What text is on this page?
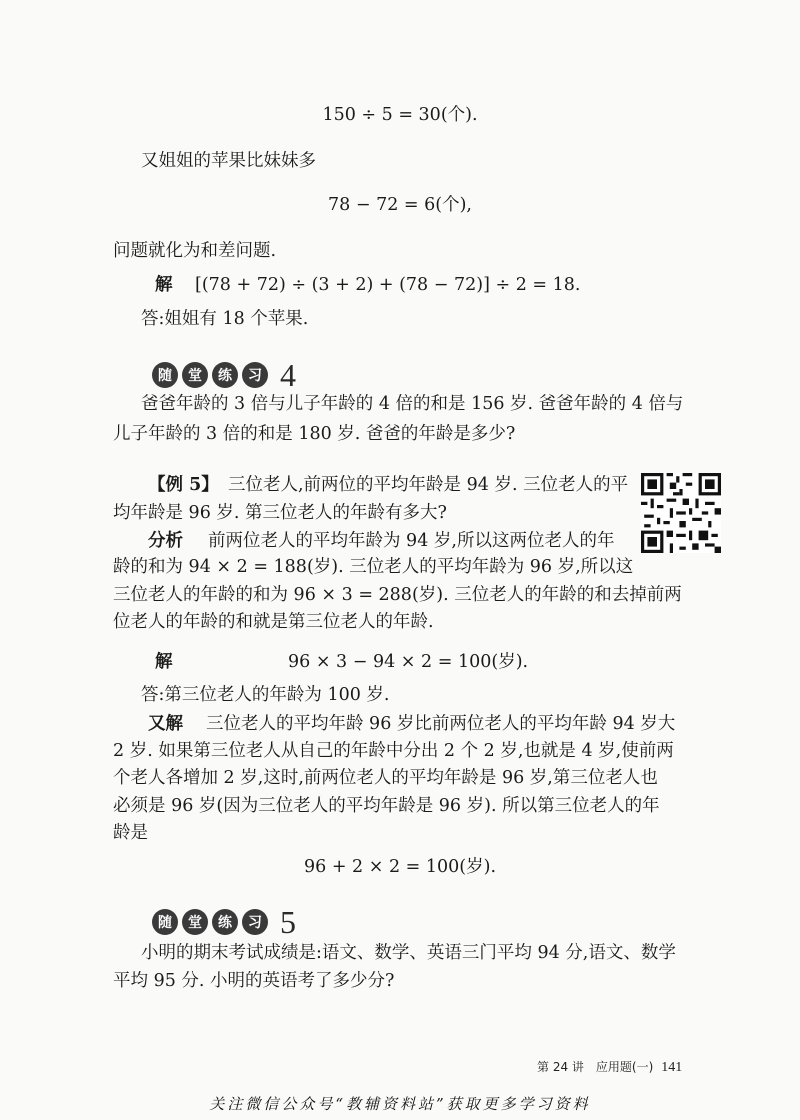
150 ÷ 5 = 30(个).
又姐姐的苹果比妹妹多
78 − 72 = 6(个),
问题就化为和差问题.
解 [(78 + 72) ÷ (3 + 2) + (78 − 72)] ÷ 2 = 18.
答:姐姐有 18 个苹果.
随	堂	练	习 4
爸爸年龄的 3 倍与儿子年龄的 4 倍的和是 156 岁. 爸爸年龄的 4 倍与
儿子年龄的 3 倍的和是 180 岁. 爸爸的年龄是多少?
【例 5】 三位老人,前两位的平均年龄是 94 岁. 三位老人的平
均年龄是 96 岁. 第三位老人的年龄有多大?
分析 前两位老人的平均年龄为 94 岁,所以这两位老人的年
龄的和为 94 × 2 = 188(岁). 三位老人的平均年龄为 96 岁,所以这
三位老人的年龄的和为 96 × 3 = 288(岁). 三位老人的年龄的和去掉前两
位老人的年龄的和就是第三位老人的年龄.
解	96 × 3 − 94 × 2 = 100(岁).
答:第三位老人的年龄为 100 岁.
又解 三位老人的平均年龄 96 岁比前两位老人的平均年龄 94 岁大
2 岁. 如果第三位老人从自己的年龄中分出 2 个 2 岁,也就是 4 岁,使前两
个老人各增加 2 岁,这时,前两位老人的平均年龄是 96 岁,第三位老人也
必须是 96 岁(因为三位老人的平均年龄是 96 岁). 所以第三位老人的年
龄是
96 + 2 × 2 = 100(岁).
随	堂	练	习 5
小明的期末考试成绩是:语文、数学、英语三门平均 94 分,语文、数学
平均 95 分. 小明的英语考了多少分?
第 24 讲　应用题(一) 141
关注微信公众号“教辅资料站”获取更多学习资料
